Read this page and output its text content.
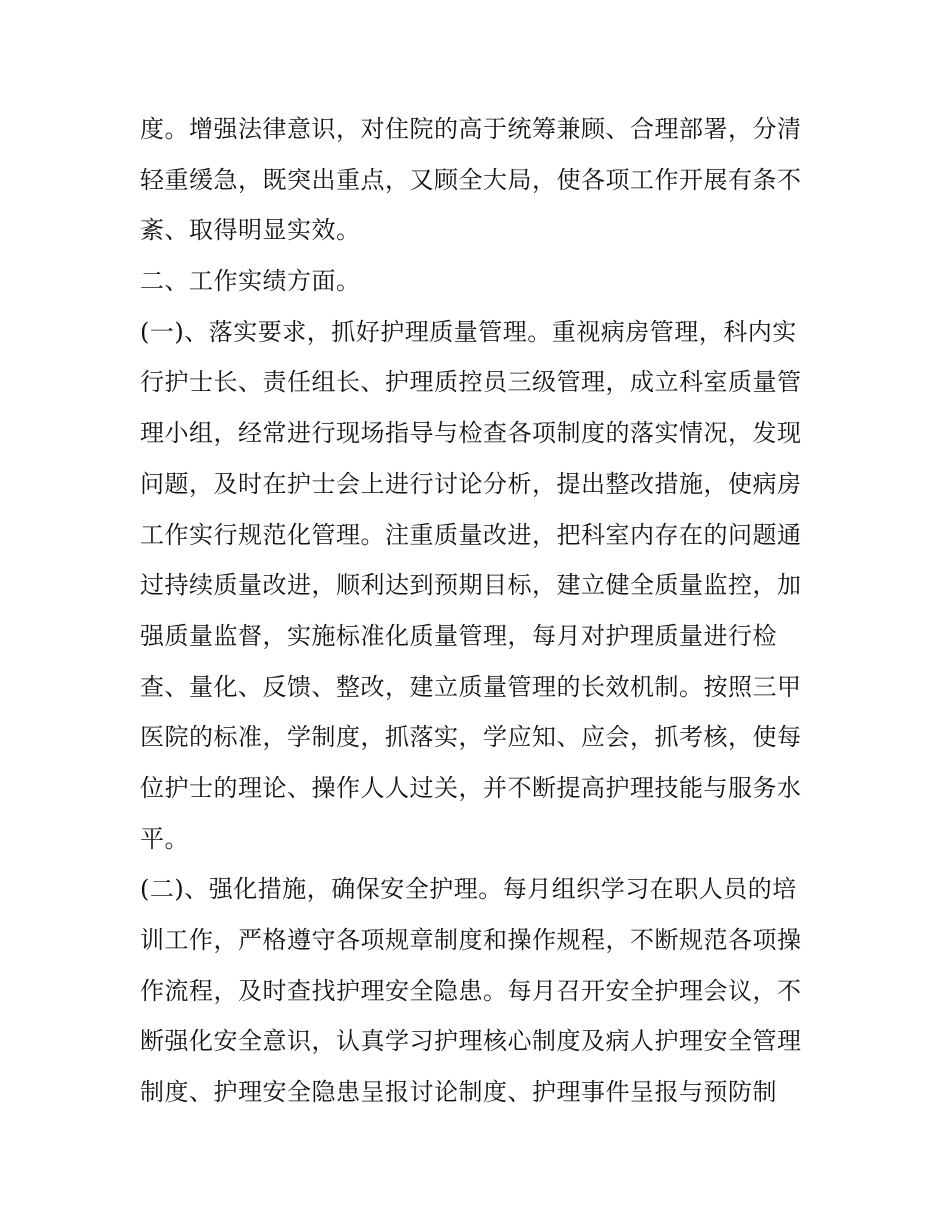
度。增强法律意识，对住院的高于统筹兼顾、合理部署，分清
轻重缓急，既突出重点，又顾全大局，使各项工作开展有条不
紊、取得明显实效。
二、工作实绩方面。
(一)、落实要求，抓好护理质量管理。重视病房管理，科内实
行护士长、责任组长、护理质控员三级管理，成立科室质量管
理小组，经常进行现场指导与检查各项制度的落实情况，发现
问题，及时在护士会上进行讨论分析，提出整改措施，使病房
工作实行规范化管理。注重质量改进，把科室内存在的问题通
过持续质量改进，顺利达到预期目标，建立健全质量监控，加
强质量监督，实施标准化质量管理，每月对护理质量进行检
查、量化、反馈、整改，建立质量管理的长效机制。按照三甲
医院的标准，学制度，抓落实，学应知、应会，抓考核，使每
位护士的理论、操作人人过关，并不断提高护理技能与服务水
平。
(二)、强化措施，确保安全护理。每月组织学习在职人员的培
训工作，严格遵守各项规章制度和操作规程，不断规范各项操
作流程，及时查找护理安全隐患。每月召开安全护理会议，不
断强化安全意识，认真学习护理核心制度及病人护理安全管理
制度、护理安全隐患呈报讨论制度、护理事件呈报与预防制
